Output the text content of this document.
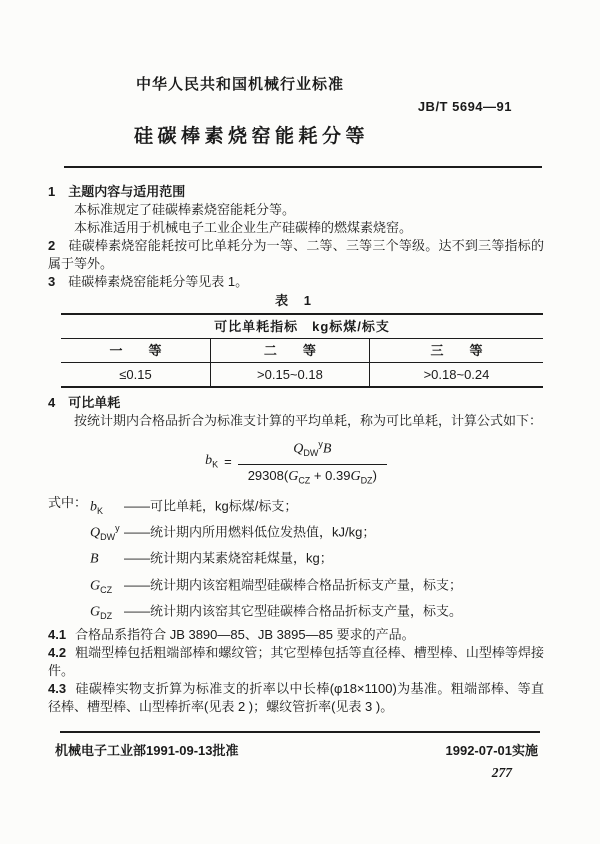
中华人民共和国机械行业标准
JB/T 5694—91
硅碳棒素烧窑能耗分等

1 主题内容与适用范围

本标准规定了硅碳棒素烧窑能耗分等。

本标准适用于机械电子工业企业生产硅碳棒的燃煤素烧窑。

2 硅碳棒素烧窑能耗按可比单耗分为一等、二等、三等三个等级。达不到三等指标的属于等外。

3 硅碳棒素烧窑能耗分等见表 1。

表 1
可比单耗指标　kg标煤/标支		
一　　等	二　　等	三　　等
≤0.15	>0.15~0.18	>0.18~0.24

4 可比单耗

按统计期内合格品折合为标准支计算的平均单耗，称为可比单耗，计算公式如下：

$b_K = \frac{Q_{DW}^yB}{29308(G_{CZ} + 0.39G_{DZ})}$
式中： $b_K$ ——可比单耗，kg标煤/标支；
$Q_{DW}^y$ ——统计期内所用燃料低位发热值，kJ/kg；
B ——统计期内某素烧窑耗煤量，kg；
$G_{CZ}$ ——统计期内该窑粗端型硅碳棒合格品折标支产量，标支；
$G_{DZ}$ ——统计期内该窑其它型硅碳棒合格品折标支产量，标支。

4.1 合格品系指符合 JB 3890—85、JB 3895—85 要求的产品。

4.2 粗端型棒包括粗端部棒和螺纹管；其它型棒包括等直径棒、槽型棒、山型棒等焊接件。

4.3 硅碳棒实物支折算为标准支的折率以中长棒(φ18×1100)为基准。粗端部棒、等直径棒、槽型棒、山型棒折率(见表 2 )；螺纹管折率(见表 3 )。

机械电子工业部1991-09-13批准	1992-07-01实施
277
